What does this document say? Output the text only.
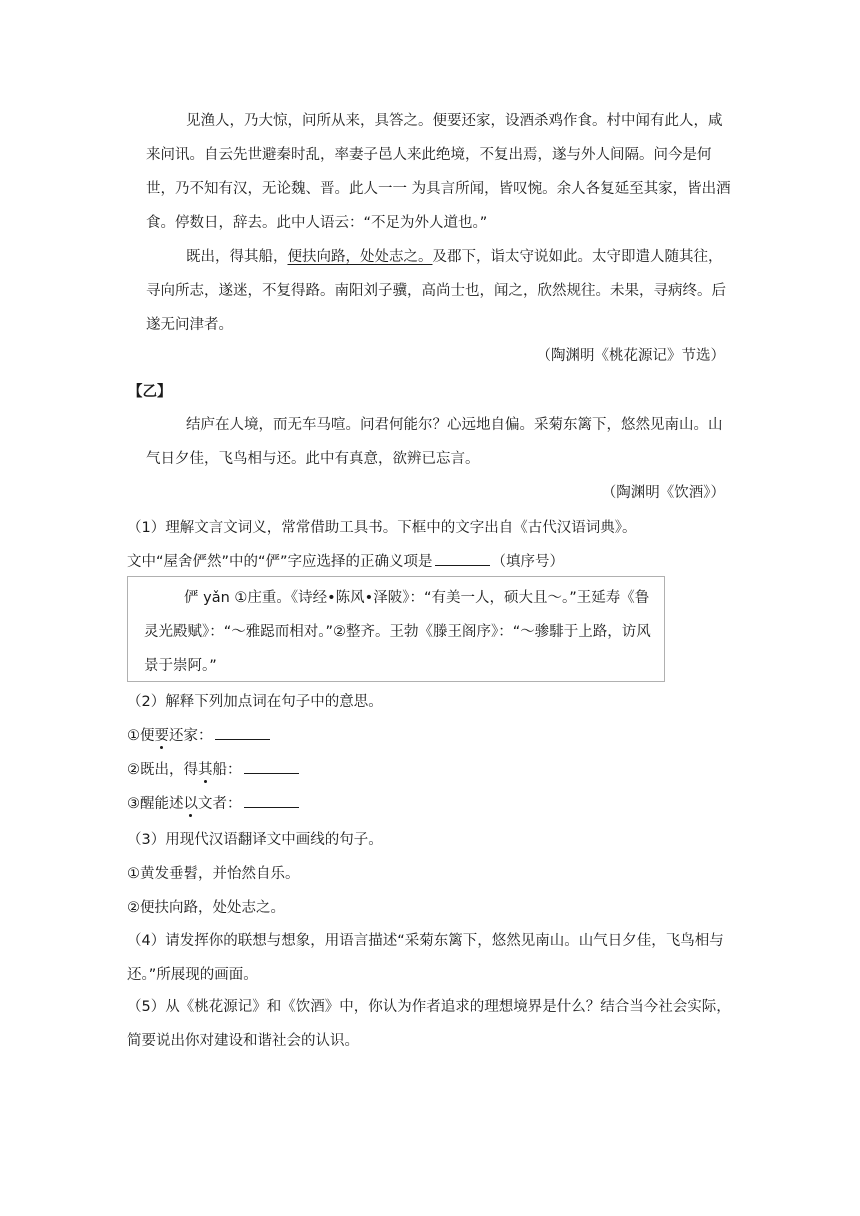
见渔人，乃大惊，问所从来，具答之。便要还家，设酒杀鸡作食。村中闻有此人，咸来问讯。自云先世避秦时乱，率妻子邑人来此绝境，不复出焉，遂与外人间隔。问今是何世，乃不知有汉，无论魏、晋。此人一一 为具言所闻，皆叹惋。余人各复延至其家，皆出酒食。停数日，辞去。此中人语云：“不足为外人道也。”

既出，得其船，便扶向路，处处志之。及郡下，诣太守说如此。太守即遣人随其往，寻向所志，遂迷，不复得路。南阳刘子骥，高尚士也，闻之，欣然规往。未果，寻病终。后遂无问津者。

（陶渊明《桃花源记》节选）
【乙】

结庐在人境，而无车马喧。问君何能尔？心远地自偏。采菊东篱下，悠然见南山。山气日夕佳，飞鸟相与还。此中有真意，欲辨已忘言。

（陶渊明《饮酒》）
（1）理解文言文词义，常常借助工具书。下框中的文字出自《古代汉语词典》。
文中“屋舍俨然”中的“俨”字应选择的正确义项是	（填序号）
俨 yǎn ①庄重。《诗经•陈风•泽陂》：“有美一人，硕大且～。”王延寿《鲁灵光殿赋》：“～雅跽而相对。”②整齐。王勃《滕王阁序》：“～骖騑于上路，访风景于崇阿。”
（2）解释下列加点词在句子中的意思。
①便要还家：
②既出，得其船：
③醒能述以文者：
（3）用现代汉语翻译文中画线的句子。
①黄发垂髫，并怡然自乐。
②便扶向路，处处志之。

（4）请发挥你的联想与想象，用语言描述“采菊东篱下，悠然见南山。山气日夕佳，飞鸟相与还。”所展现的画面。

（5）从《桃花源记》和《饮酒》中，你认为作者追求的理想境界是什么？结合当今社会实际，简要说出你对建设和谐社会的认识。
